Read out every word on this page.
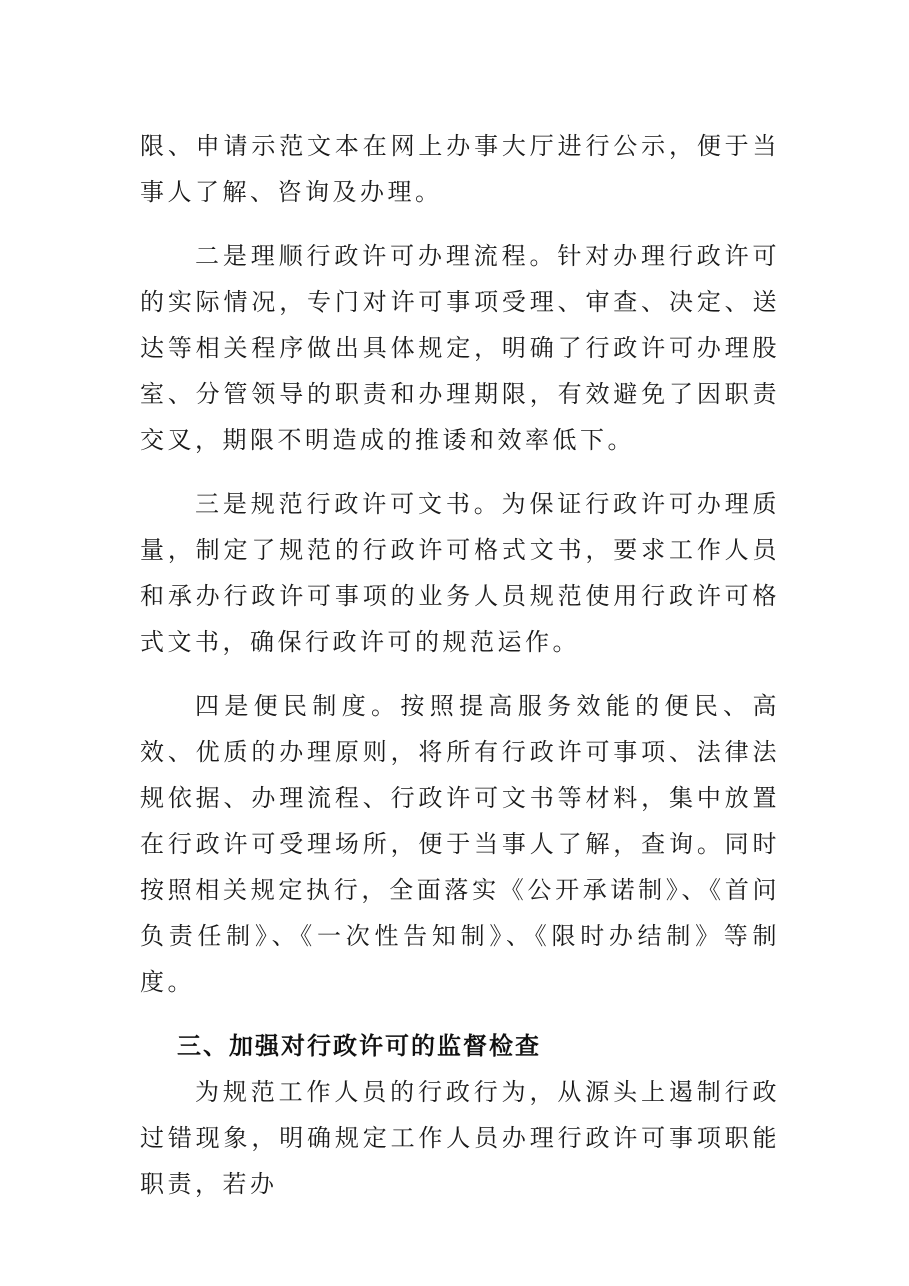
限、申请示范文本在网上办事大厅进行公示，便于当事人了解、咨询及办理。

二是理顺行政许可办理流程。针对办理行政许可的实际情况，专门对许可事项受理、审查、决定、送达等相关程序做出具体规定，明确了行政许可办理股室、分管领导的职责和办理期限，有效避免了因职责交叉，期限不明造成的推诿和效率低下。

三是规范行政许可文书。为保证行政许可办理质量，制定了规范的行政许可格式文书，要求工作人员和承办行政许可事项的业务人员规范使用行政许可格式文书，确保行政许可的规范运作。

四是便民制度。按照提高服务效能的便民、高效、优质的办理原则，将所有行政许可事项、法律法规依据、办理流程、行政许可文书等材料，集中放置在行政许可受理场所，便于当事人了解，查询。同时按照相关规定执行，全面落实《公开承诺制》、《首问负责任制》、《一次性告知制》、《限时办结制》等制度。

三、加强对行政许可的监督检查

为规范工作人员的行政行为，从源头上遏制行政过错现象，明确规定工作人员办理行政许可事项职能职责，若办
